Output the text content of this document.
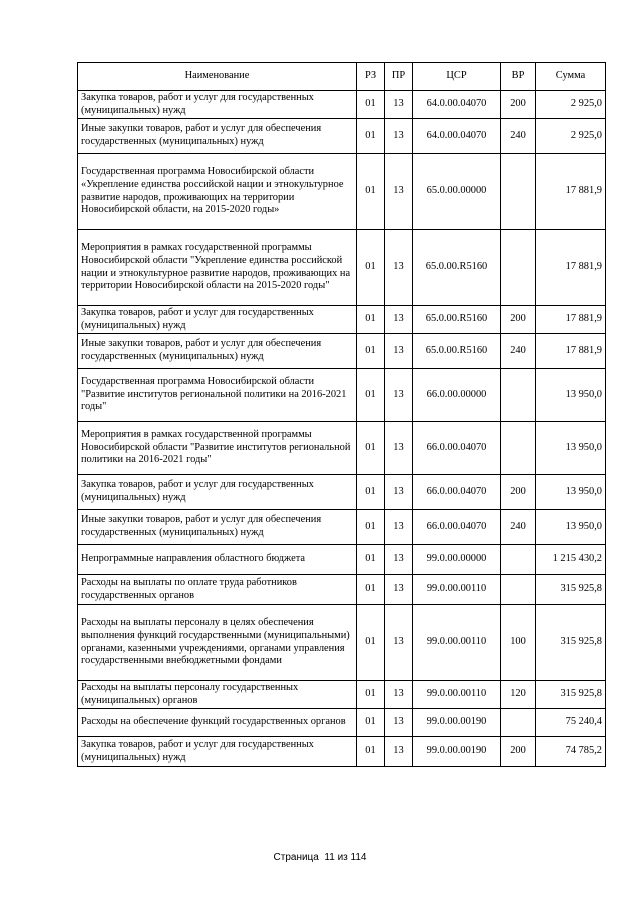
Наименование	РЗ	ПР	ЦСР	ВР	Сумма
Закупка товаров, работ и услуг для государственных (муниципальных) нужд	01	13	64.0.00.04070	200	2 925,0
Иные закупки товаров, работ и услуг для обеспечения государственных (муниципальных) нужд	01	13	64.0.00.04070	240	2 925,0
Государственная программа Новосибирской области «Укрепление единства российской нации и этнокультурное развитие народов, проживающих на территории Новосибирской области, на 2015-2020 годы»	01	13	65.0.00.00000		17 881,9
Мероприятия в рамках государственной программы Новосибирской области "Укрепление единства российской нации и этнокультурное развитие народов, проживающих на территории Новосибирской области на 2015-2020 годы"	01	13	65.0.00.R5160		17 881,9
Закупка товаров, работ и услуг для государственных (муниципальных) нужд	01	13	65.0.00.R5160	200	17 881,9
Иные закупки товаров, работ и услуг для обеспечения государственных (муниципальных) нужд	01	13	65.0.00.R5160	240	17 881,9
Государственная программа Новосибирской области "Развитие институтов региональной политики на 2016-2021 годы"	01	13	66.0.00.00000		13 950,0
Мероприятия в рамках государственной программы Новосибирской области "Развитие институтов региональной политики на 2016-2021 годы"	01	13	66.0.00.04070		13 950,0
Закупка товаров, работ и услуг для государственных (муниципальных) нужд	01	13	66.0.00.04070	200	13 950,0
Иные закупки товаров, работ и услуг для обеспечения государственных (муниципальных) нужд	01	13	66.0.00.04070	240	13 950,0
Непрограммные направления областного бюджета	01	13	99.0.00.00000		1 215 430,2
Расходы на выплаты по оплате труда работников государственных органов	01	13	99.0.00.00110		315 925,8
Расходы на выплаты персоналу в целях обеспечения выполнения функций государственными (муниципальными) органами, казенными учреждениями, органами управления государственными внебюджетными фондами	01	13	99.0.00.00110	100	315 925,8
Расходы на выплаты персоналу государственных (муниципальных) органов	01	13	99.0.00.00110	120	315 925,8
Расходы на обеспечение функций государственных органов	01	13	99.0.00.00190		75 240,4
Закупка товаров, работ и услуг для государственных (муниципальных) нужд	01	13	99.0.00.00190	200	74 785,2
Страница 11 из 114
